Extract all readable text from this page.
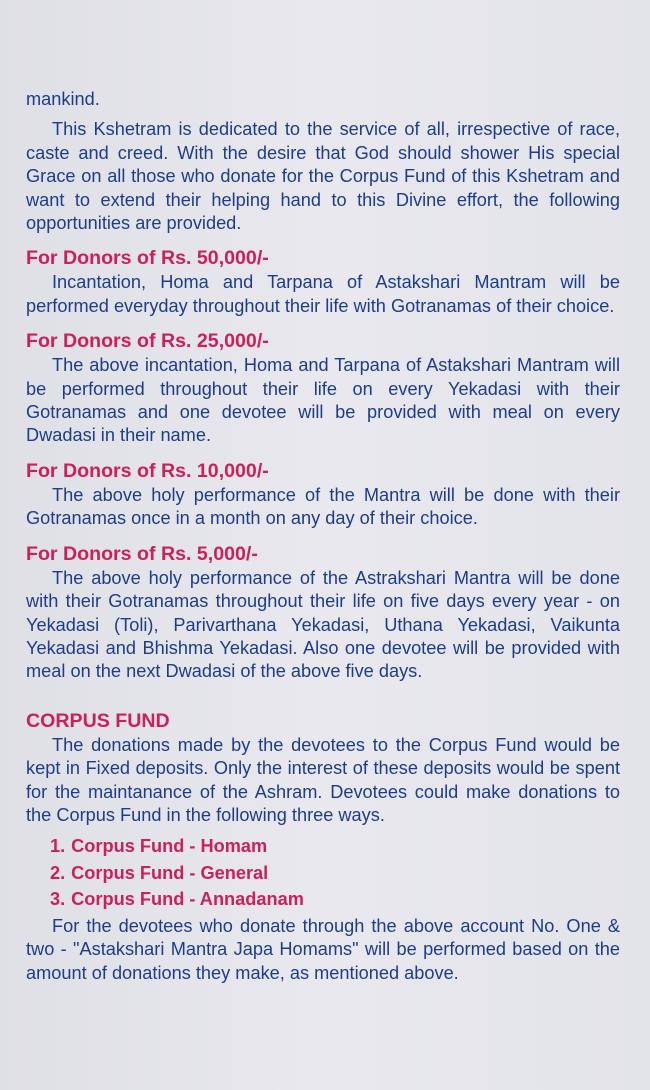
mankind.

This Kshetram is dedicated to the service of all, irrespective of race, caste and creed. With the desire that God should shower His special Grace on all those who donate for the Corpus Fund of this Kshetram and want to extend their helping hand to this Divine effort, the following opportunities are provided.

For Donors of Rs. 50,000/-

Incantation, Homa and Tarpana of Astakshari Mantram will be performed everyday throughout their life with Gotranamas of their choice.

For Donors of Rs. 25,000/-

The above incantation, Homa and Tarpana of Astakshari Mantram will be performed throughout their life on every Yekadasi with their Gotranamas and one devotee will be provided with meal on every Dwadasi in their name.

For Donors of Rs. 10,000/-

The above holy performance of the Mantra will be done with their Gotranamas once in a month on any day of their choice.

For Donors of Rs. 5,000/-

The above holy performance of the Astrakshari Mantra will be done with their Gotranamas throughout their life on five days every year - on Yekadasi (Toli), Parivarthana Yekadasi, Uthana Yekadasi, Vaikunta Yekadasi and Bhishma Yekadasi. Also one devotee will be provided with meal on the next Dwadasi of the above five days.

CORPUS FUND

The donations made by the devotees to the Corpus Fund would be kept in Fixed deposits. Only the interest of these deposits would be spent for the maintanance of the Ashram. Devotees could make donations to the Corpus Fund in the following three ways.

1. Corpus Fund - Homam
2. Corpus Fund - General
3. Corpus Fund - Annadanam

For the devotees who donate through the above account No. One & two - "Astakshari Mantra Japa Homams" will be performed based on the amount of donations they make, as mentioned above.
